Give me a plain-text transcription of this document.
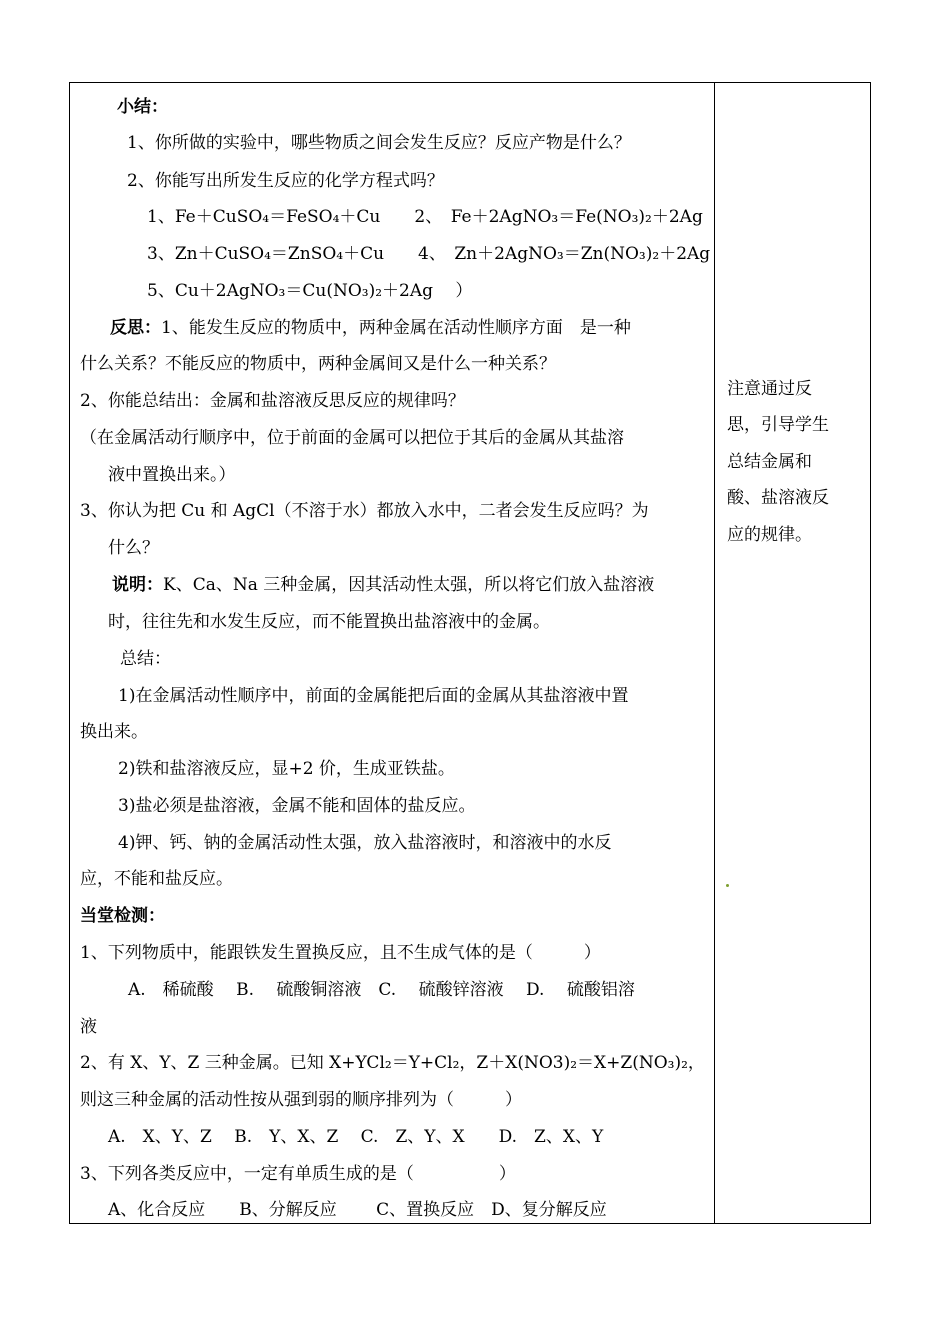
小结：
1、你所做的实验中，哪些物质之间会发生反应？反应产物是什么？
2、你能写出所发生反应的化学方程式吗？
1、Fe＋CuSO₄＝FeSO₄＋Cu　　2、　Fe＋2AgNO₃＝Fe(NO₃)₂＋2Ag
3、Zn＋CuSO₄＝ZnSO₄＋Cu　　4、　Zn＋2AgNO₃＝Zn(NO₃)₂＋2Ag
5、Cu＋2AgNO₃＝Cu(NO₃)₂＋2Ag　 ）
反思：1、能发生反应的物质中，两种金属在活动性顺序方面　是一种
什么关系？不能反应的物质中，两种金属间又是什么一种关系？
2、你能总结出：金属和盐溶液反思反应的规律吗？
（在金属活动行顺序中，位于前面的金属可以把位于其后的金属从其盐溶
液中置换出来。）
3、你认为把 Cu 和 AgCl（不溶于水）都放入水中，二者会发生反应吗？为
什么？
说明：K、Ca、Na 三种金属，因其活动性太强，所以将它们放入盐溶液
时，往往先和水发生反应，而不能置换出盐溶液中的金属。
总结：
1)在金属活动性顺序中，前面的金属能把后面的金属从其盐溶液中置
换出来。
2)铁和盐溶液反应，显+2 价，生成亚铁盐。
3)盐必须是盐溶液，金属不能和固体的盐反应。
4)钾、钙、钠的金属活动性太强，放入盐溶液时，和溶液中的水反
应，不能和盐反应。
当堂检测：
1、下列物质中，能跟铁发生置换反应，且不生成气体的是（　　　）
A.　稀硫酸　 B.　 硫酸铜溶液　C.　 硫酸锌溶液　 D.　 硫酸铝溶
液
2、有 X、Y、Z 三种金属。已知 X+YCl₂＝Y+Cl₂，Z＋X(NO3)₂＝X+Z(NO₃)₂，
则这三种金属的活动性按从强到弱的顺序排列为（　　　）
A.　X、Y、Z　 B.　Y、X、Z　 C.　Z、Y、X　　D.　Z、X、Y
3、下列各类反应中，一定有单质生成的是（　　　　　）
A、化合反应　　B、分解反应　　 C、置换反应　D、复分解反应
注意通过反
思，引导学生
总结金属和
酸、盐溶液反
应的规律。
